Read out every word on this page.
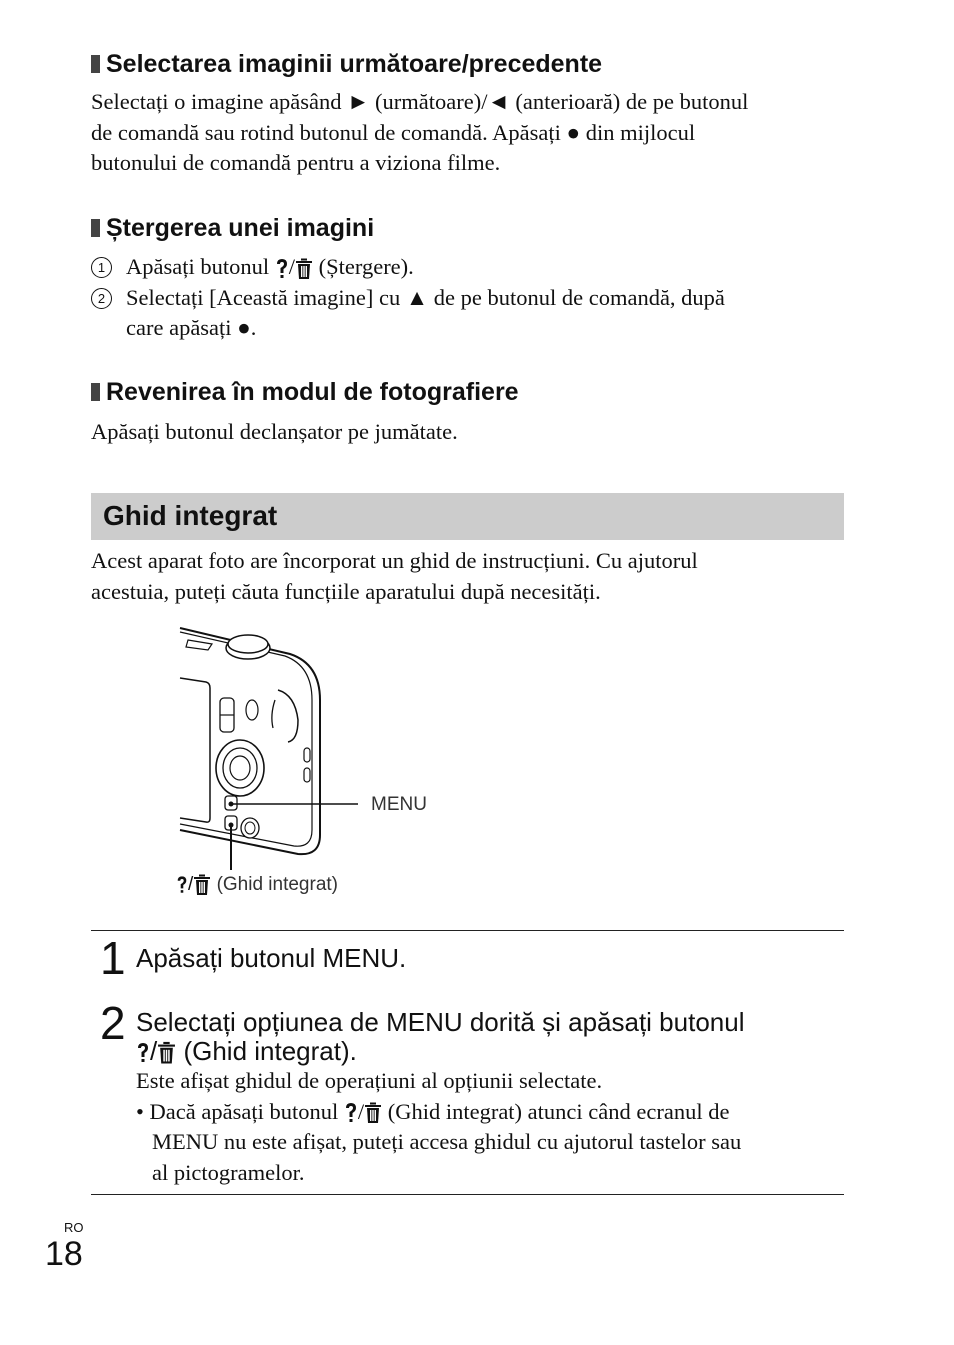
Selectarea imaginii următoare/precedente
Selectați o imagine apăsând ► (următoare)/◄ (anterioară) de pe butonul
de comandă sau rotind butonul de comandă. Apăsați ● din mijlocul
butonului de comandă pentru a viziona filme.
Ștergerea unei imagini
1 Apăsați butonul / (Ștergere).
2 Selectați [Această imagine] cu ▲ de pe butonul de comandă, după
care apăsați ●.
Revenirea în modul de fotografiere
Apăsați butonul declanșator pe jumătate.
Ghid integrat
Acest aparat foto are încorporat un ghid de instrucțiuni. Cu ajutorul
acestuia, puteți căuta funcțiile aparatului după necesități.
MENU
/ (Ghid integrat)
1 Apăsați butonul MENU.
2 Selectați opțiunea de MENU dorită și apăsați butonul
/ (Ghid integrat).
Este afișat ghidul de operațiuni al opțiunii selectate.
• Dacă apăsați butonul / (Ghid integrat) atunci când ecranul de
MENU nu este afișat, puteți accesa ghidul cu ajutorul tastelor sau
al pictogramelor.
RO
18
